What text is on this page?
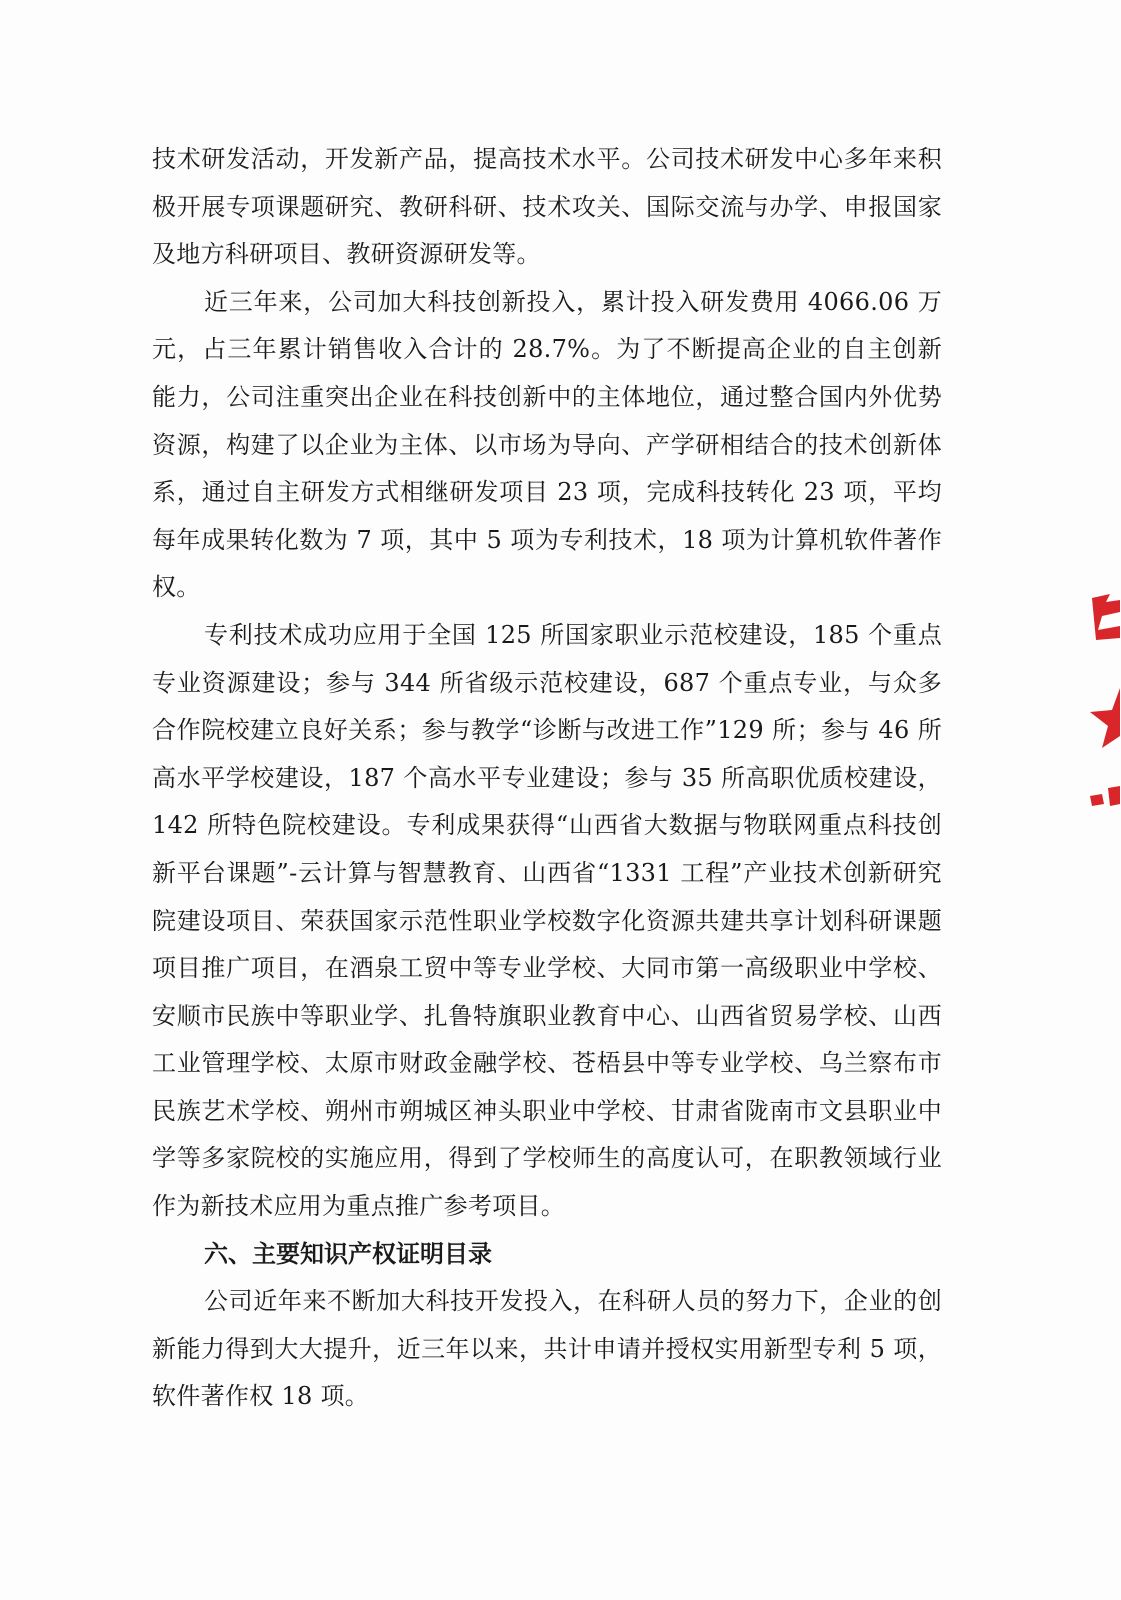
技术研发活动，开发新产品，提高技术水平。公司技术研发中心多年来积极开展专项课题研究、教研科研、技术攻关、国际交流与办学、申报国家及地方科研项目、教研资源研发等。

近三年来，公司加大科技创新投入，累计投入研发费用 4066.06 万元，占三年累计销售收入合计的 28.7%。为了不断提高企业的自主创新能力，公司注重突出企业在科技创新中的主体地位，通过整合国内外优势资源，构建了以企业为主体、以市场为导向、产学研相结合的技术创新体系，通过自主研发方式相继研发项目 23 项，完成科技转化 23 项，平均每年成果转化数为 7 项，其中 5 项为专利技术，18 项为计算机软件著作权。

专利技术成功应用于全国 125 所国家职业示范校建设，185 个重点专业资源建设；参与 344 所省级示范校建设，687 个重点专业，与众多合作院校建立良好关系；参与教学“诊断与改进工作”129 所；参与 46 所高水平学校建设，187 个高水平专业建设；参与 35 所高职优质校建设，142 所特色院校建设。专利成果获得“山西省大数据与物联网重点科技创新平台课题”-云计算与智慧教育、山西省“1331 工程”产业技术创新研究院建设项目、荣获国家示范性职业学校数字化资源共建共享计划科研课题项目推广项目，在酒泉工贸中等专业学校、大同市第一高级职业中学校、安顺市民族中等职业学、扎鲁特旗职业教育中心、山西省贸易学校、山西工业管理学校、太原市财政金融学校、苍梧县中等专业学校、乌兰察布市民族艺术学校、朔州市朔城区神头职业中学校、甘肃省陇南市文县职业中学等多家院校的实施应用，得到了学校师生的高度认可，在职教领域行业作为新技术应用为重点推广参考项目。

六、主要知识产权证明目录

公司近年来不断加大科技开发投入，在科研人员的努力下，企业的创新能力得到大大提升，近三年以来，共计申请并授权实用新型专利 5 项，软件著作权 18 项。
